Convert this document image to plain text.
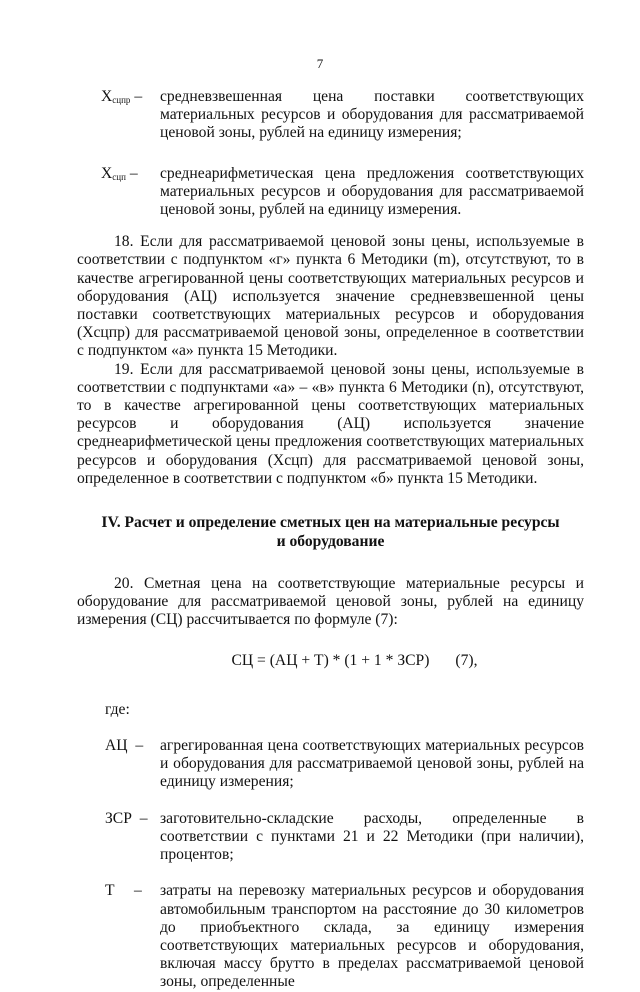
7
Xсцпр –	средневзвешенная цена поставки соответствующих материальных ресурсов и оборудования для рассматриваемой ценовой зоны, рублей на единицу измерения;
Xсцп –	среднеарифметическая цена предложения соответствующих материальных ресурсов и оборудования для рассматриваемой ценовой зоны, рублей на единицу измерения.

18. Если для рассматриваемой ценовой зоны цены, используемые в соответствии с подпунктом «г» пункта 6 Методики (m), отсутствуют, то в качестве агрегированной цены соответствующих материальных ресурсов и оборудования (АЦ) используется значение средневзвешенной цены поставки соответствующих материальных ресурсов и оборудования (Xсцпр) для рассматриваемой ценовой зоны, определенное в соответствии с подпунктом «а» пункта 15 Методики.

19. Если для рассматриваемой ценовой зоны цены, используемые в соответствии с подпунктами «а» – «в» пункта 6 Методики (n), отсутствуют, то в качестве агрегированной цены соответствующих материальных ресурсов и оборудования (АЦ) используется значение среднеарифметической цены предложения соответствующих материальных ресурсов и оборудования (Xсцп) для рассматриваемой ценовой зоны, определенное в соответствии с подпунктом «б» пункта 15 Методики.

IV. Расчет и определение сметных цен на материальные ресурсы
и оборудование

20. Сметная цена на соответствующие материальные ресурсы и оборудование для рассматриваемой ценовой зоны, рублей на единицу измерения (СЦ) рассчитывается по формуле (7):

СЦ = (АЦ + Т) * (1 + 1 * ЗСР) (7),
где:
АЦ –	агрегированная цена соответствующих материальных ресурсов и оборудования для рассматриваемой ценовой зоны, рублей на единицу измерения;
ЗСР – заготовительно-складские расходы, определенные в соответствии с пунктами 21 и 22 Методики (при наличии), процентов;
Т –	затраты на перевозку материальных ресурсов и оборудования автомобильным транспортом на расстояние до 30 километров до приобъектного склада, за единицу измерения соответствующих материальных ресурсов и оборудования, включая массу брутто в пределах рассматриваемой ценовой зоны, определенные
